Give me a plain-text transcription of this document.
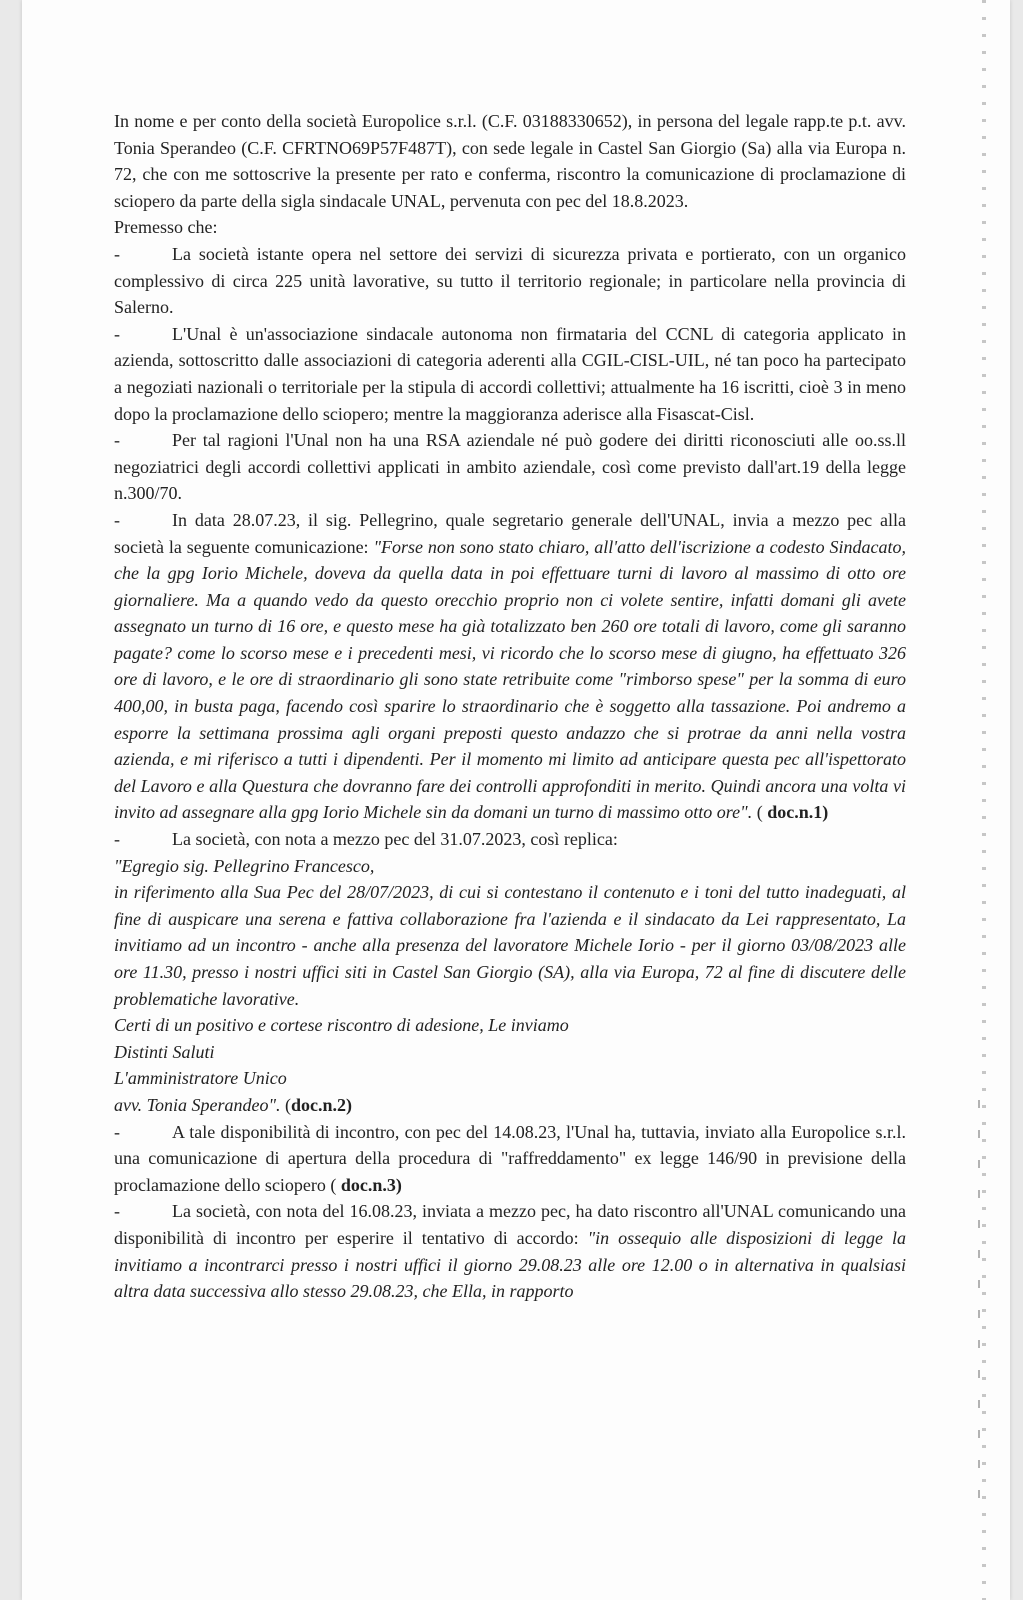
In nome e per conto della società Europolice s.r.l. (C.F. 03188330652), in persona del legale rapp.te p.t. avv. Tonia Sperandeo (C.F. CFRTNO69P57F487T), con sede legale in Castel San Giorgio (Sa) alla via Europa n. 72, che con me sottoscrive la presente per rato e conferma, riscontro la comunicazione di proclamazione di sciopero da parte della sigla sindacale UNAL, pervenuta con pec del 18.8.2023.

Premesso che:

-	La società istante opera nel settore dei servizi di sicurezza privata e portierato, con un organico complessivo di circa 225 unità lavorative, su tutto il territorio regionale; in particolare nella provincia di Salerno.

-	L'Unal è un'associazione sindacale autonoma non firmataria del CCNL di categoria applicato in azienda, sottoscritto dalle associazioni di categoria aderenti alla CGIL-CISL-UIL, né tan poco ha partecipato a negoziati nazionali o territoriale per la stipula di accordi collettivi; attualmente ha 16 iscritti, cioè 3 in meno dopo la proclamazione dello sciopero; mentre la maggioranza aderisce alla Fisascat-Cisl.

-	Per tal ragioni l'Unal non ha una RSA aziendale né può godere dei diritti riconosciuti alle oo.ss.ll negoziatrici degli accordi collettivi applicati in ambito aziendale, così come previsto dall'art.19 della legge n.300/70.

-	In data 28.07.23, il sig. Pellegrino, quale segretario generale dell'UNAL, invia a mezzo pec alla società la seguente comunicazione: "Forse non sono stato chiaro, all'atto dell'iscrizione a codesto Sindacato, che la gpg Iorio Michele, doveva da quella data in poi effettuare turni di lavoro al massimo di otto ore giornaliere. Ma a quando vedo da questo orecchio proprio non ci volete sentire, infatti domani gli avete assegnato un turno di 16 ore, e questo mese ha già totalizzato ben 260 ore totali di lavoro, come gli saranno pagate? come lo scorso mese e i precedenti mesi, vi ricordo che lo scorso mese di giugno, ha effettuato 326 ore di lavoro, e le ore di straordinario gli sono state retribuite come "rimborso spese" per la somma di euro 400,00, in busta paga, facendo così sparire lo straordinario che è soggetto alla tassazione. Poi andremo a esporre la settimana prossima agli organi preposti questo andazzo che si protrae da anni nella vostra azienda, e mi riferisco a tutti i dipendenti. Per il momento mi limito ad anticipare questa pec all'ispettorato del Lavoro e alla Questura che dovranno fare dei controlli approfonditi in merito. Quindi ancora una volta vi invito ad assegnare alla gpg Iorio Michele sin da domani un turno di massimo otto ore". ( doc.n.1)

-	La società, con nota a mezzo pec del 31.07.2023, così replica:
"Egregio sig. Pellegrino Francesco,
in riferimento alla Sua Pec del 28/07/2023, di cui si contestano il contenuto e i toni del tutto inadeguati, al fine di auspicare una serena e fattiva collaborazione fra l'azienda e il sindacato da Lei rappresentato, La invitiamo ad un incontro - anche alla presenza del lavoratore Michele Iorio - per il giorno 03/08/2023 alle ore 11.30, presso i nostri uffici siti in Castel San Giorgio (SA), alla via Europa, 72 al fine di discutere delle problematiche lavorative.
Certi di un positivo e cortese riscontro di adesione, Le inviamo
Distinti Saluti
L'amministratore Unico
avv. Tonia Sperandeo". (doc.n.2)

-	A tale disponibilità di incontro, con pec del 14.08.23, l'Unal ha, tuttavia, inviato alla Europolice s.r.l. una comunicazione di apertura della procedura di "raffreddamento" ex legge 146/90 in previsione della proclamazione dello sciopero ( doc.n.3)

-	La società, con nota del 16.08.23, inviata a mezzo pec, ha dato riscontro all'UNAL comunicando una disponibilità di incontro per esperire il tentativo di accordo: "in ossequio alle disposizioni di legge la invitiamo a incontrarci presso i nostri uffici il giorno 29.08.23 alle ore 12.00 o in alternativa in qualsiasi altra data successiva allo stesso 29.08.23, che Ella, in rapporto
